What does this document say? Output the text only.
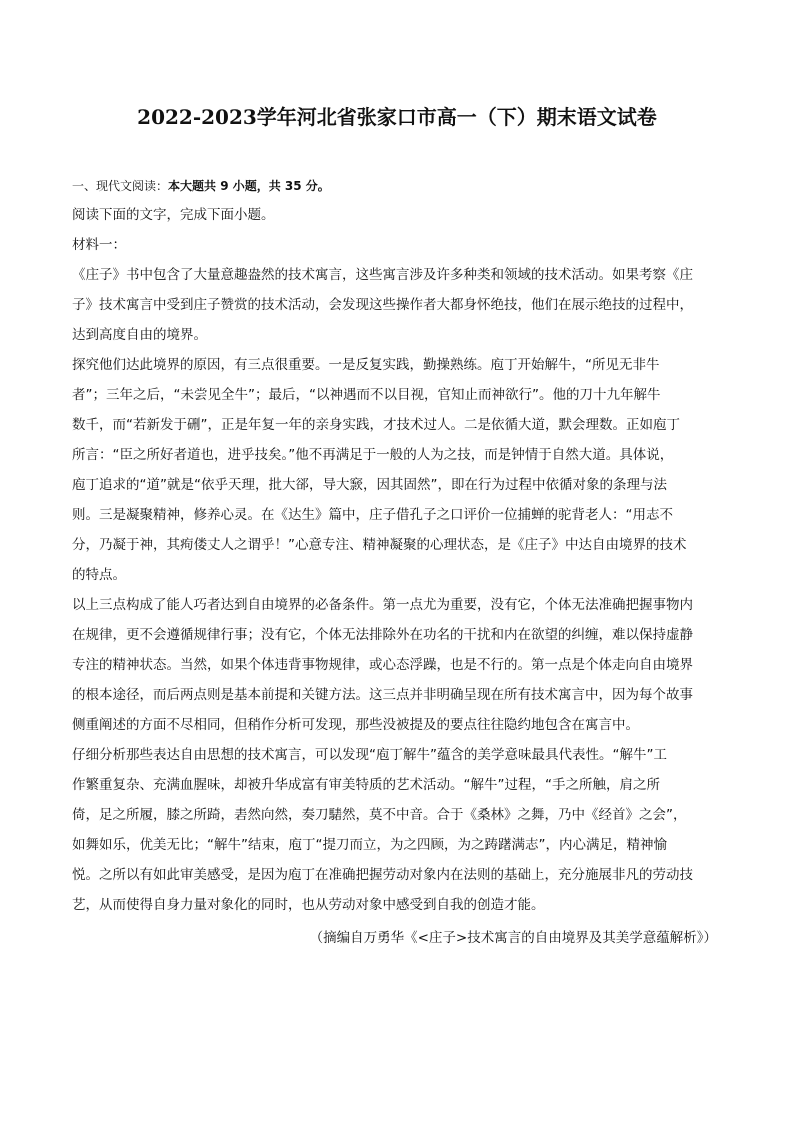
2022-2023学年河北省张家口市高一（下）期末语文试卷
一、现代文阅读：本大题共 9 小题，共 35 分。
阅读下面的文字，完成下面小题。
材料一：
《庄子》书中包含了大量意趣盎然的技术寓言，这些寓言涉及许多种类和领域的技术活动。如果考察《庄
子》技术寓言中受到庄子赞赏的技术活动，会发现这些操作者大都身怀绝技，他们在展示绝技的过程中，
达到高度自由的境界。
探究他们达此境界的原因，有三点很重要。一是反复实践，勤操熟练。庖丁开始解牛，“所见无非牛
者”；三年之后，“未尝见全牛”；最后，“以神遇而不以目视，官知止而神欲行”。他的刀十九年解牛
数千，而“若新发于硎”，正是年复一年的亲身实践，才技术过人。二是依循大道，默会理数。正如庖丁
所言：“臣之所好者道也，进乎技矣。”他不再满足于一般的人为之技，而是钟情于自然大道。具体说，
庖丁追求的“道”就是“依乎天理，批大郤，导大窾，因其固然”，即在行为过程中依循对象的条理与法
则。三是凝聚精神，修养心灵。在《达生》篇中，庄子借孔子之口评价一位捕蝉的驼背老人：“用志不
分，乃凝于神，其痀偻丈人之谓乎！”心意专注、精神凝聚的心理状态，是《庄子》中达自由境界的技术
的特点。
以上三点构成了能人巧者达到自由境界的必备条件。第一点尤为重要，没有它，个体无法准确把握事物内
在规律，更不会遵循规律行事；没有它，个体无法排除外在功名的干扰和内在欲望的纠缠，难以保持虚静
专注的精神状态。当然，如果个体违背事物规律，或心态浮躁，也是不行的。第一点是个体走向自由境界
的根本途径，而后两点则是基本前提和关键方法。这三点并非明确呈现在所有技术寓言中，因为每个故事
侧重阐述的方面不尽相同，但稍作分析可发现，那些没被提及的要点往往隐约地包含在寓言中。
仔细分析那些表达自由思想的技术寓言，可以发现“庖丁解牛”蕴含的美学意味最具代表性。“解牛”工
作繁重复杂、充满血腥味，却被升华成富有审美特质的艺术活动。“解牛”过程，“手之所触，肩之所
倚，足之所履，膝之所踦，砉然向然，奏刀騞然，莫不中音。合于《桑林》之舞，乃中《经首》之会”，
如舞如乐，优美无比；“解牛”结束，庖丁“提刀而立，为之四顾，为之踌躇满志”，内心满足，精神愉
悦。之所以有如此审美感受，是因为庖丁在准确把握劳动对象内在法则的基础上，充分施展非凡的劳动技
艺，从而使得自身力量对象化的同时，也从劳动对象中感受到自我的创造才能。
（摘编自万勇华《<庄子>技术寓言的自由境界及其美学意蕴解析》）
